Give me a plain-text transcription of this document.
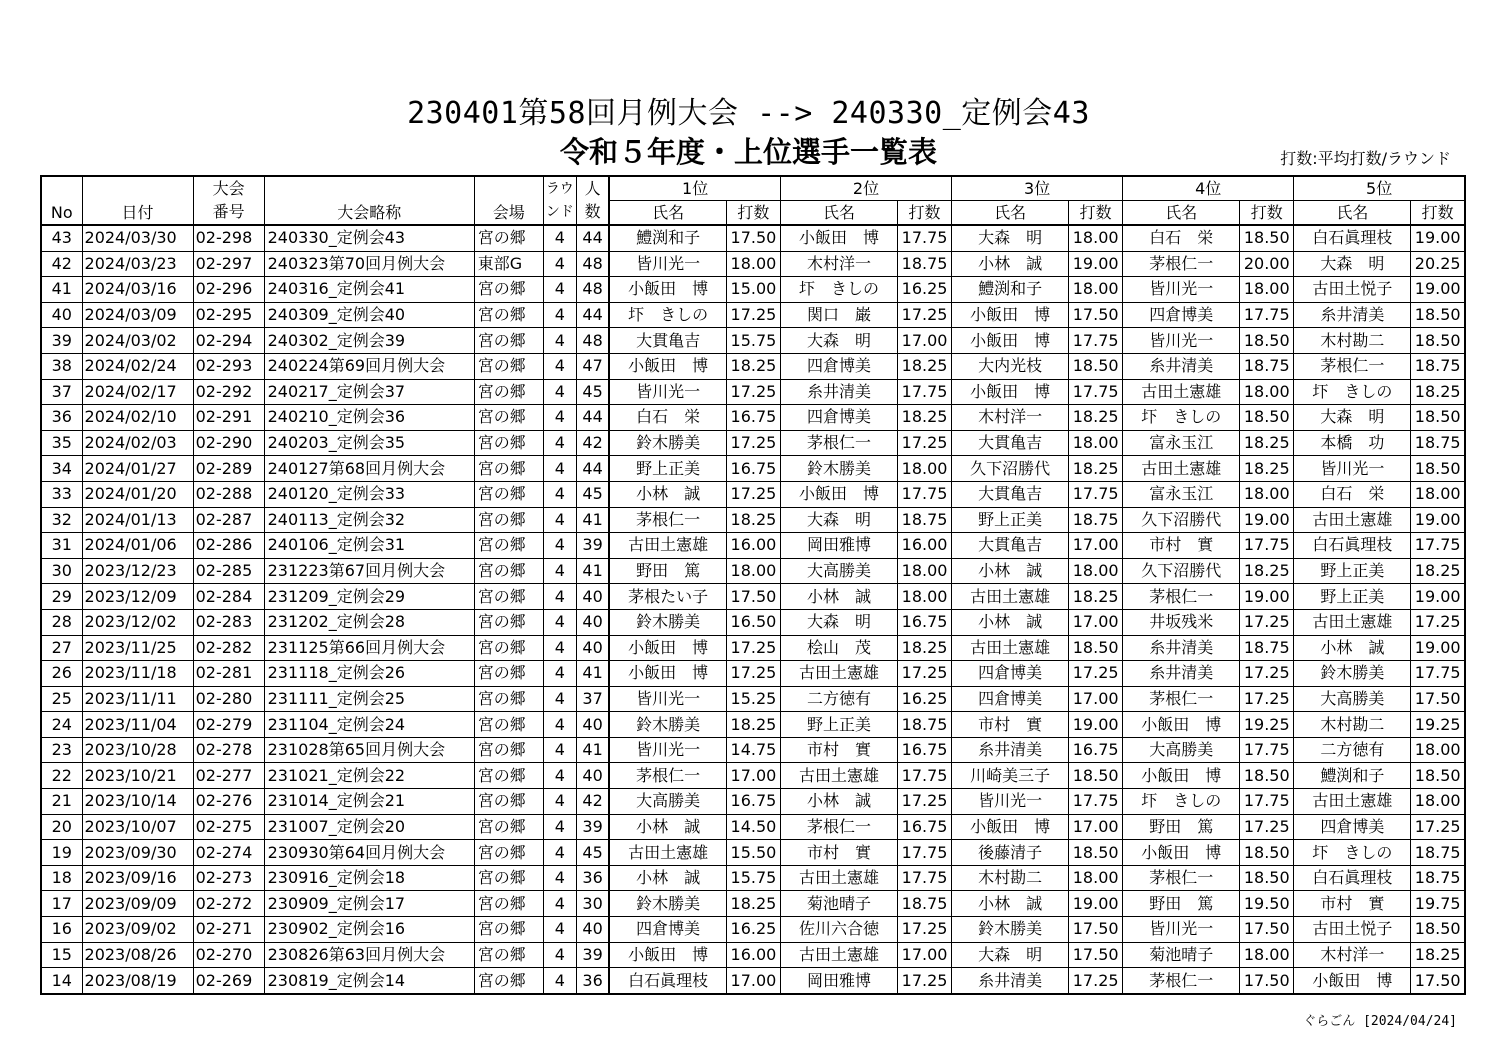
230401第58回月例大会 --> 240330_定例会43
令和５年度・上位選手一覧表	打数:平均打数/ラウンド
No	日付	大会	大会略称	会場	ラウ	人	1位		2位		3位		4位		5位	
		番号			ンド	数	氏名	打数	氏名	打数	氏名	打数	氏名	打数	氏名	打数
43	2024/03/30	02-298	240330_定例会43	宮の郷	4	44	鱧渕和子	17.50	小飯田　博	17.75	大森　明	18.00	白石　栄	18.50	白石眞理枝	19.00
42	2024/03/23	02-297	240323第70回月例大会	東部G	4	48	皆川光一	18.00	木村洋一	18.75	小林　誠	19.00	茅根仁一	20.00	大森　明	20.25
41	2024/03/16	02-296	240316_定例会41	宮の郷	4	48	小飯田　博	15.00	圷　きしの	16.25	鱧渕和子	18.00	皆川光一	18.00	古田土悦子	19.00
40	2024/03/09	02-295	240309_定例会40	宮の郷	4	44	圷　きしの	17.25	関口　巌	17.25	小飯田　博	17.50	四倉博美	17.75	糸井清美	18.50
39	2024/03/02	02-294	240302_定例会39	宮の郷	4	48	大貫亀吉	15.75	大森　明	17.00	小飯田　博	17.75	皆川光一	18.50	木村勘二	18.50
38	2024/02/24	02-293	240224第69回月例大会	宮の郷	4	47	小飯田　博	18.25	四倉博美	18.25	大内光枝	18.50	糸井清美	18.75	茅根仁一	18.75
37	2024/02/17	02-292	240217_定例会37	宮の郷	4	45	皆川光一	17.25	糸井清美	17.75	小飯田　博	17.75	古田土憲雄	18.00	圷　きしの	18.25
36	2024/02/10	02-291	240210_定例会36	宮の郷	4	44	白石　栄	16.75	四倉博美	18.25	木村洋一	18.25	圷　きしの	18.50	大森　明	18.50
35	2024/02/03	02-290	240203_定例会35	宮の郷	4	42	鈴木勝美	17.25	茅根仁一	17.25	大貫亀吉	18.00	富永玉江	18.25	本橋　功	18.75
34	2024/01/27	02-289	240127第68回月例大会	宮の郷	4	44	野上正美	16.75	鈴木勝美	18.00	久下沼勝代	18.25	古田土憲雄	18.25	皆川光一	18.50
33	2024/01/20	02-288	240120_定例会33	宮の郷	4	45	小林　誠	17.25	小飯田　博	17.75	大貫亀吉	17.75	富永玉江	18.00	白石　栄	18.00
32	2024/01/13	02-287	240113_定例会32	宮の郷	4	41	茅根仁一	18.25	大森　明	18.75	野上正美	18.75	久下沼勝代	19.00	古田土憲雄	19.00
31	2024/01/06	02-286	240106_定例会31	宮の郷	4	39	古田土憲雄	16.00	岡田雅博	16.00	大貫亀吉	17.00	市村　實	17.75	白石眞理枝	17.75
30	2023/12/23	02-285	231223第67回月例大会	宮の郷	4	41	野田　篤	18.00	大高勝美	18.00	小林　誠	18.00	久下沼勝代	18.25	野上正美	18.25
29	2023/12/09	02-284	231209_定例会29	宮の郷	4	40	茅根たい子	17.50	小林　誠	18.00	古田土憲雄	18.25	茅根仁一	19.00	野上正美	19.00
28	2023/12/02	02-283	231202_定例会28	宮の郷	4	40	鈴木勝美	16.50	大森　明	16.75	小林　誠	17.00	井坂残米	17.25	古田土憲雄	17.25
27	2023/11/25	02-282	231125第66回月例大会	宮の郷	4	40	小飯田　博	17.25	桧山　茂	18.25	古田土憲雄	18.50	糸井清美	18.75	小林　誠	19.00
26	2023/11/18	02-281	231118_定例会26	宮の郷	4	41	小飯田　博	17.25	古田土憲雄	17.25	四倉博美	17.25	糸井清美	17.25	鈴木勝美	17.75
25	2023/11/11	02-280	231111_定例会25	宮の郷	4	37	皆川光一	15.25	二方徳有	16.25	四倉博美	17.00	茅根仁一	17.25	大高勝美	17.50
24	2023/11/04	02-279	231104_定例会24	宮の郷	4	40	鈴木勝美	18.25	野上正美	18.75	市村　實	19.00	小飯田　博	19.25	木村勘二	19.25
23	2023/10/28	02-278	231028第65回月例大会	宮の郷	4	41	皆川光一	14.75	市村　實	16.75	糸井清美	16.75	大高勝美	17.75	二方徳有	18.00
22	2023/10/21	02-277	231021_定例会22	宮の郷	4	40	茅根仁一	17.00	古田土憲雄	17.75	川崎美三子	18.50	小飯田　博	18.50	鱧渕和子	18.50
21	2023/10/14	02-276	231014_定例会21	宮の郷	4	42	大高勝美	16.75	小林　誠	17.25	皆川光一	17.75	圷　きしの	17.75	古田土憲雄	18.00
20	2023/10/07	02-275	231007_定例会20	宮の郷	4	39	小林　誠	14.50	茅根仁一	16.75	小飯田　博	17.00	野田　篤	17.25	四倉博美	17.25
19	2023/09/30	02-274	230930第64回月例大会	宮の郷	4	45	古田土憲雄	15.50	市村　實	17.75	後藤清子	18.50	小飯田　博	18.50	圷　きしの	18.75
18	2023/09/16	02-273	230916_定例会18	宮の郷	4	36	小林　誠	15.75	古田土憲雄	17.75	木村勘二	18.00	茅根仁一	18.50	白石眞理枝	18.75
17	2023/09/09	02-272	230909_定例会17	宮の郷	4	30	鈴木勝美	18.25	菊池晴子	18.75	小林　誠	19.00	野田　篤	19.50	市村　實	19.75
16	2023/09/02	02-271	230902_定例会16	宮の郷	4	40	四倉博美	16.25	佐川六合徳	17.25	鈴木勝美	17.50	皆川光一	17.50	古田土悦子	18.50
15	2023/08/26	02-270	230826第63回月例大会	宮の郷	4	39	小飯田　博	16.00	古田土憲雄	17.00	大森　明	17.50	菊池晴子	18.00	木村洋一	18.25
14	2023/08/19	02-269	230819_定例会14	宮の郷	4	36	白石眞理枝	17.00	岡田雅博	17.25	糸井清美	17.25	茅根仁一	17.50	小飯田　博	17.50
ぐらごん [2024/04/24]
